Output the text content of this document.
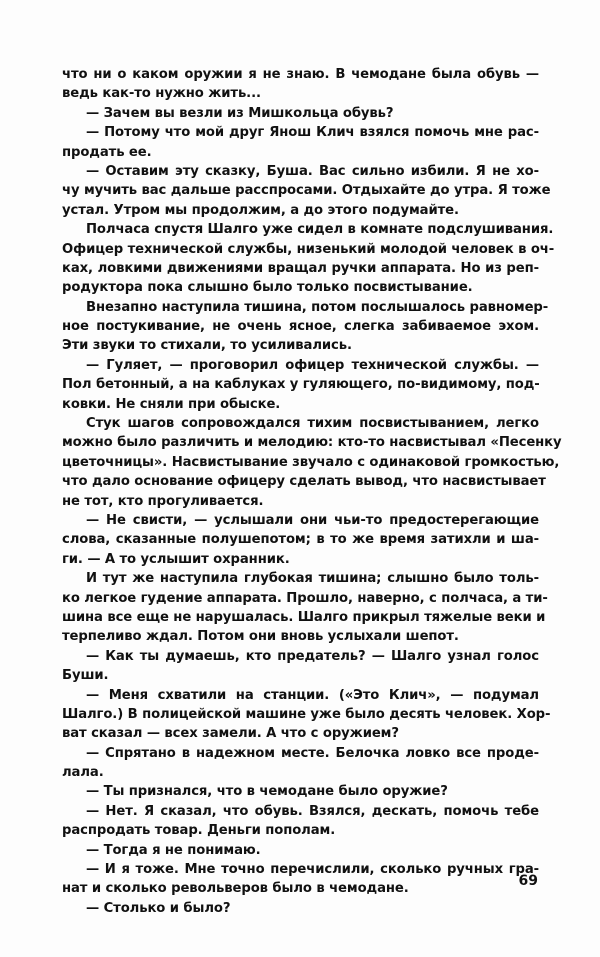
что ни о каком оружии я не знаю. В чемодане была обувь —
ведь как-то нужно жить...
— Зачем вы везли из Мишкольца обувь?
— Потому что мой друг Янош Клич взялся помочь мне рас-
продать ее.
— Оставим эту сказку, Буша. Вас сильно избили. Я не хо-
чу мучить вас дальше расспросами. Отдыхайте до утра. Я тоже
устал. Утром мы продолжим, а до этого подумайте.
Полчаса спустя Шалго уже сидел в комнате подслушивания.
Офицер технической службы, низенький молодой человек в оч-
ках, ловкими движениями вращал ручки аппарата. Но из реп-
родуктора пока слышно было только посвистывание.
Внезапно наступила тишина, потом послышалось равномер-
ное постукивание, не очень ясное, слегка забиваемое эхом.
Эти звуки то стихали, то усиливались.
— Гуляет, — проговорил офицер технической службы. —
Пол бетонный, а на каблуках у гуляющего, по-видимому, под-
ковки. Не сняли при обыске.
Стук шагов сопровождался тихим посвистыванием, легко
можно было различить и мелодию: кто-то насвистывал «Песенку
цветочницы». Насвистывание звучало с одинаковой громкостью,
что дало основание офицеру сделать вывод, что насвистывает
не тот, кто прогуливается.
— Не свисти, — услышали они чьи-то предостерегающие
слова, сказанные полушепотом; в то же время затихли и ша-
ги. — А то услышит охранник.
И тут же наступила глубокая тишина; слышно было толь-
ко легкое гудение аппарата. Прошло, наверно, с полчаса, а ти-
шина все еще не нарушалась. Шалго прикрыл тяжелые веки и
терпеливо ждал. Потом они вновь услыхали шепот.
— Как ты думаешь, кто предатель? — Шалго узнал голос
Буши.
— Меня схватили на станции. («Это Клич», — подумал
Шалго.) В полицейской машине уже было десять человек. Хор-
ват сказал — всех замели. А что с оружием?
— Спрятано в надежном месте. Белочка ловко все проде-
лала.
— Ты признался, что в чемодане было оружие?
— Нет. Я сказал, что обувь. Взялся, дескать, помочь тебе
распродать товар. Деньги пополам.
— Тогда я не понимаю.
— И я тоже. Мне точно перечислили, сколько ручных гра-
нат и сколько револьверов было в чемодане.
— Столько и было?
69
